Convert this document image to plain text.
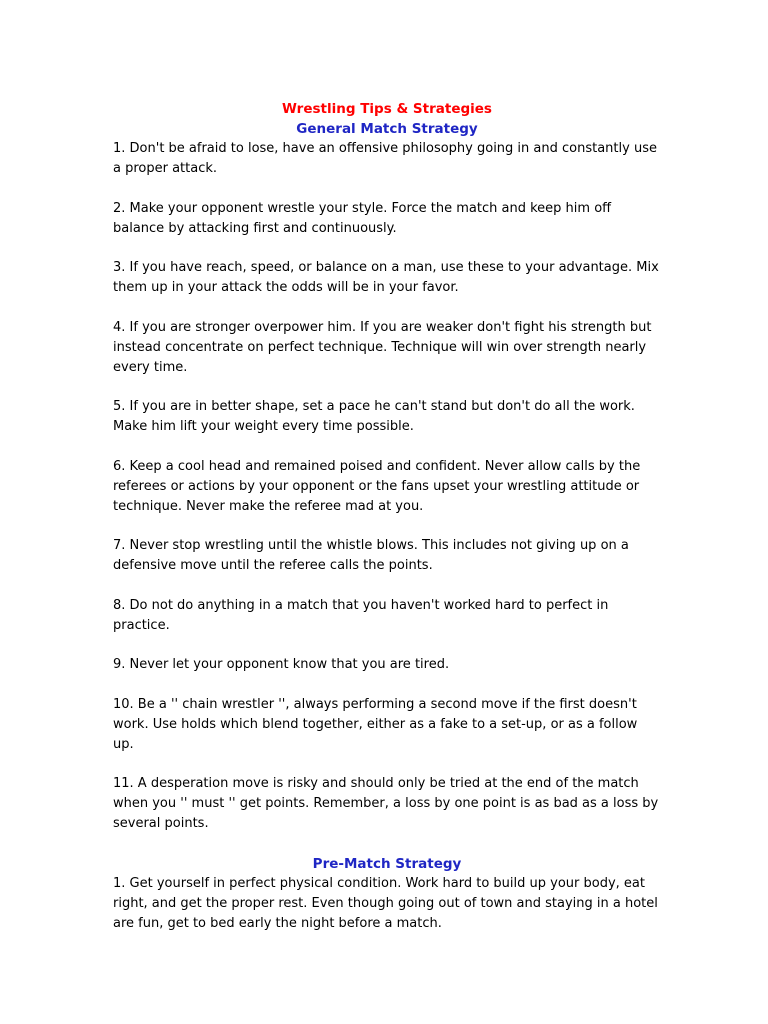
Wrestling Tips & Strategies
General Match Strategy

1. Don't be afraid to lose, have an offensive philosophy going in and constantly use a proper attack.

2. Make your opponent wrestle your style. Force the match and keep him off balance by attacking first and continuously.

3. If you have reach, speed, or balance on a man, use these to your advantage. Mix them up in your attack the odds will be in your favor.

4. If you are stronger overpower him. If you are weaker don't fight his strength but instead concentrate on perfect technique. Technique will win over strength nearly every time.

5. If you are in better shape, set a pace he can't stand but don't do all the work. Make him lift your weight every time possible.

6. Keep a cool head and remained poised and confident. Never allow calls by the referees or actions by your opponent or the fans upset your wrestling attitude or technique. Never make the referee mad at you.

7. Never stop wrestling until the whistle blows. This includes not giving up on a defensive move until the referee calls the points.

8. Do not do anything in a match that you haven't worked hard to perfect in practice.

9. Never let your opponent know that you are tired.

10. Be a '' chain wrestler '', always performing a second move if the first doesn't work. Use holds which blend together, either as a fake to a set-up, or as a follow up.

11. A desperation move is risky and should only be tried at the end of the match when you '' must '' get points. Remember, a loss by one point is as bad as a loss by several points.

Pre-Match Strategy

1. Get yourself in perfect physical condition. Work hard to build up your body, eat right, and get the proper rest. Even though going out of town and staying in a hotel are fun, get to bed early the night before a match.
